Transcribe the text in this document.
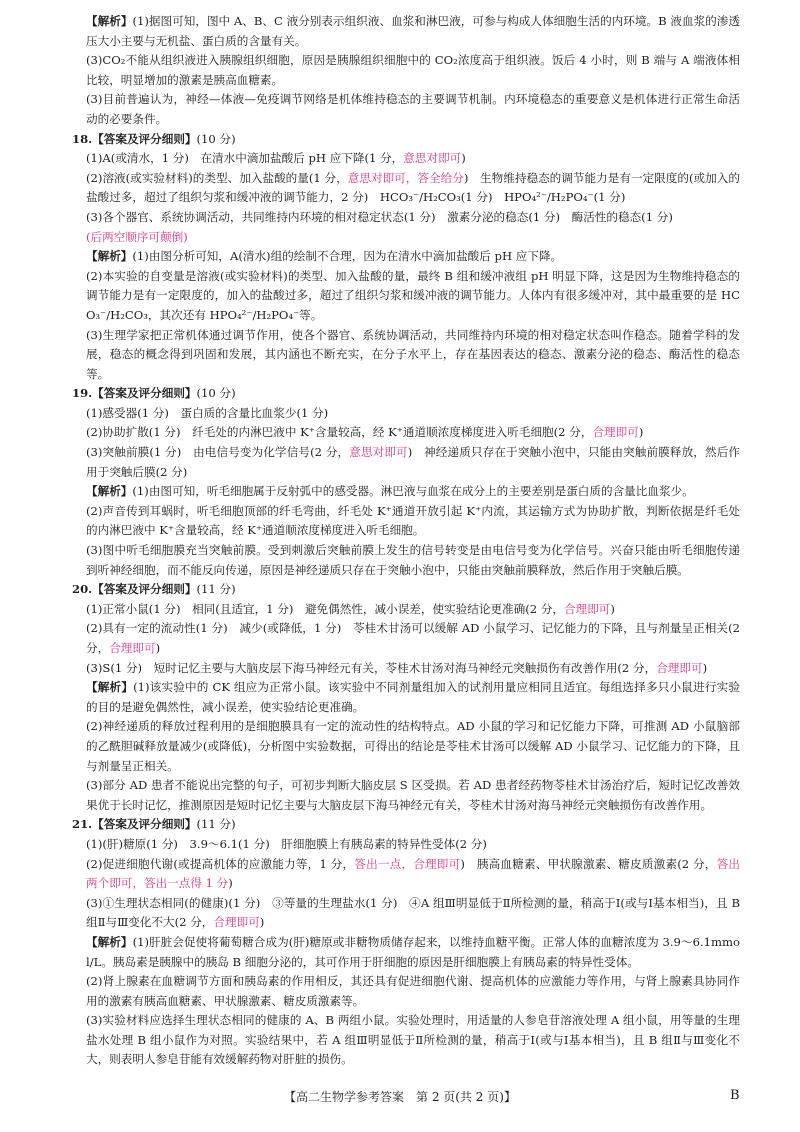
【解析】(1)据图可知，图中 A、B、C 液分别表示组织液、血浆和淋巴液，可参与构成人体细胞生活的内环境。B 液血浆的渗透压大小主要与无机盐、蛋白质的含量有关。

(3)CO₂不能从组织液进入胰腺组织细胞，原因是胰腺组织细胞中的 CO₂浓度高于组织液。饭后 4 小时，则 B 端与 A 端液体相比较，明显增加的激素是胰高血糖素。

(3)目前普遍认为，神经—体液—免疫调节网络是机体维持稳态的主要调节机制。内环境稳态的重要意义是机体进行正常生命活动的必要条件。

18.【答案及评分细则】(10 分)

(1)A(或清水，1 分)　在清水中滴加盐酸后 pH 应下降(1 分，意思对即可)

(2)溶液(或实验材料)的类型、加入盐酸的量(1 分，意思对即可，答全给分)　生物维持稳态的调节能力是有一定限度的(或加入的盐酸过多，超过了组织匀浆和缓冲液的调节能力，2 分)　HCO₃⁻/H₂CO₃(1 分)　HPO₄²⁻/H₂PO₄⁻(1 分)

(3)各个器官、系统协调活动，共同维持内环境的相对稳定状态(1 分)　激素分泌的稳态(1 分)　酶活性的稳态(1 分)
(后两空顺序可颠倒)

【解析】(1)由图分析可知，A(清水)组的绘制不合理，因为在清水中滴加盐酸后 pH 应下降。

(2)本实验的自变量是溶液(或实验材料)的类型、加入盐酸的量，最终 B 组和缓冲液组 pH 明显下降，这是因为生物维持稳态的调节能力是有一定限度的，加入的盐酸过多，超过了组织匀浆和缓冲液的调节能力。人体内有很多缓冲对，其中最重要的是 HCO₃⁻/H₂CO₃，其次还有 HPO₄²⁻/H₂PO₄⁻等。

(3)生理学家把正常机体通过调节作用，使各个器官、系统协调活动，共同维持内环境的相对稳定状态叫作稳态。随着学科的发展，稳态的概念得到巩固和发展，其内涵也不断充实，在分子水平上，存在基因表达的稳态、激素分泌的稳态、酶活性的稳态等。

19.【答案及评分细则】(10 分)

(1)感受器(1 分)　蛋白质的含量比血浆少(1 分)

(2)协助扩散(1 分)　纤毛处的内淋巴液中 K⁺含量较高，经 K⁺通道顺浓度梯度进入听毛细胞(2 分，合理即可)

(3)突触前膜(1 分)　由电信号变为化学信号(2 分，意思对即可)　神经递质只存在于突触小泡中，只能由突触前膜释放，然后作用于突触后膜(2 分)

【解析】(1)由图可知，听毛细胞属于反射弧中的感受器。淋巴液与血浆在成分上的主要差别是蛋白质的含量比血浆少。

(2)声音传到耳蜗时，听毛细胞顶部的纤毛弯曲，纤毛处 K⁺通道开放引起 K⁺内流，其运输方式为协助扩散，判断依据是纤毛处的内淋巴液中 K⁺含量较高，经 K⁺通道顺浓度梯度进入听毛细胞。

(3)图中听毛细胞膜充当突触前膜。受到刺激后突触前膜上发生的信号转变是由电信号变为化学信号。兴奋只能由听毛细胞传递到听神经细胞，而不能反向传递，原因是神经递质只存在于突触小泡中，只能由突触前膜释放，然后作用于突触后膜。

20.【答案及评分细则】(11 分)

(1)正常小鼠(1 分)　相同(且适宜，1 分)　避免偶然性，减小误差，使实验结论更准确(2 分，合理即可)

(2)具有一定的流动性(1 分)　减少(或降低，1 分)　苓桂术甘汤可以缓解 AD 小鼠学习、记忆能力的下降，且与剂量呈正相关(2 分，合理即可)

(3)S(1 分)　短时记忆主要与大脑皮层下海马神经元有关，苓桂术甘汤对海马神经元突触损伤有改善作用(2 分，合理即可)

【解析】(1)该实验中的 CK 组应为正常小鼠。该实验中不同剂量组加入的试剂用量应相同且适宜。每组选择多只小鼠进行实验的目的是避免偶然性，减小误差，使实验结论更准确。

(2)神经递质的释放过程利用的是细胞膜具有一定的流动性的结构特点。AD 小鼠的学习和记忆能力下降，可推测 AD 小鼠脑部的乙酰胆碱释放量减少(或降低)，分析图中实验数据，可得出的结论是苓桂术甘汤可以缓解 AD 小鼠学习、记忆能力的下降，且与剂量呈正相关。

(3)部分 AD 患者不能说出完整的句子，可初步判断大脑皮层 S 区受损。若 AD 患者经药物苓桂术甘汤治疗后，短时记忆改善效果优于长时记忆，推测原因是短时记忆主要与大脑皮层下海马神经元有关，苓桂术甘汤对海马神经元突触损伤有改善作用。

21.【答案及评分细则】(11 分)

(1)(肝)糖原(1 分)　3.9～6.1(1 分)　肝细胞膜上有胰岛素的特异性受体(2 分)

(2)促进细胞代谢(或提高机体的应激能力等，1 分，答出一点，合理即可)　胰高血糖素、甲状腺激素、糖皮质激素(2 分，答出两个即可，答出一点得 1 分)

(3)①生理状态相同(的健康)(1 分)　③等量的生理盐水(1 分)　④A 组Ⅲ明显低于Ⅱ所检测的量，稍高于Ⅰ(或与Ⅰ基本相当)，且 B 组Ⅱ与Ⅲ变化不大(2 分，合理即可)

【解析】(1)肝脏会促使将葡萄糖合成为(肝)糖原或非糖物质储存起来，以维持血糖平衡。正常人体的血糖浓度为 3.9～6.1mmol/L。胰岛素是胰腺中的胰岛 B 细胞分泌的，其可作用于肝细胞的原因是肝细胞膜上有胰岛素的特异性受体。

(2)肾上腺素在血糖调节方面和胰岛素的作用相反，其还具有促进细胞代谢、提高机体的应激能力等作用，与肾上腺素具协同作用的激素有胰高血糖素、甲状腺激素、糖皮质激素等。

(3)实验材料应选择生理状态相同的健康的 A、B 两组小鼠。实验处理时，用适量的人参皂苷溶液处理 A 组小鼠，用等量的生理盐水处理 B 组小鼠作为对照。实验结果中，若 A 组Ⅲ明显低于Ⅱ所检测的量，稍高于Ⅰ(或与Ⅰ基本相当)，且 B 组Ⅱ与Ⅲ变化不大，则表明人参皂苷能有效缓解药物对肝脏的损伤。

【高二生物学参考答案　第 2 页(共 2 页)】	B
